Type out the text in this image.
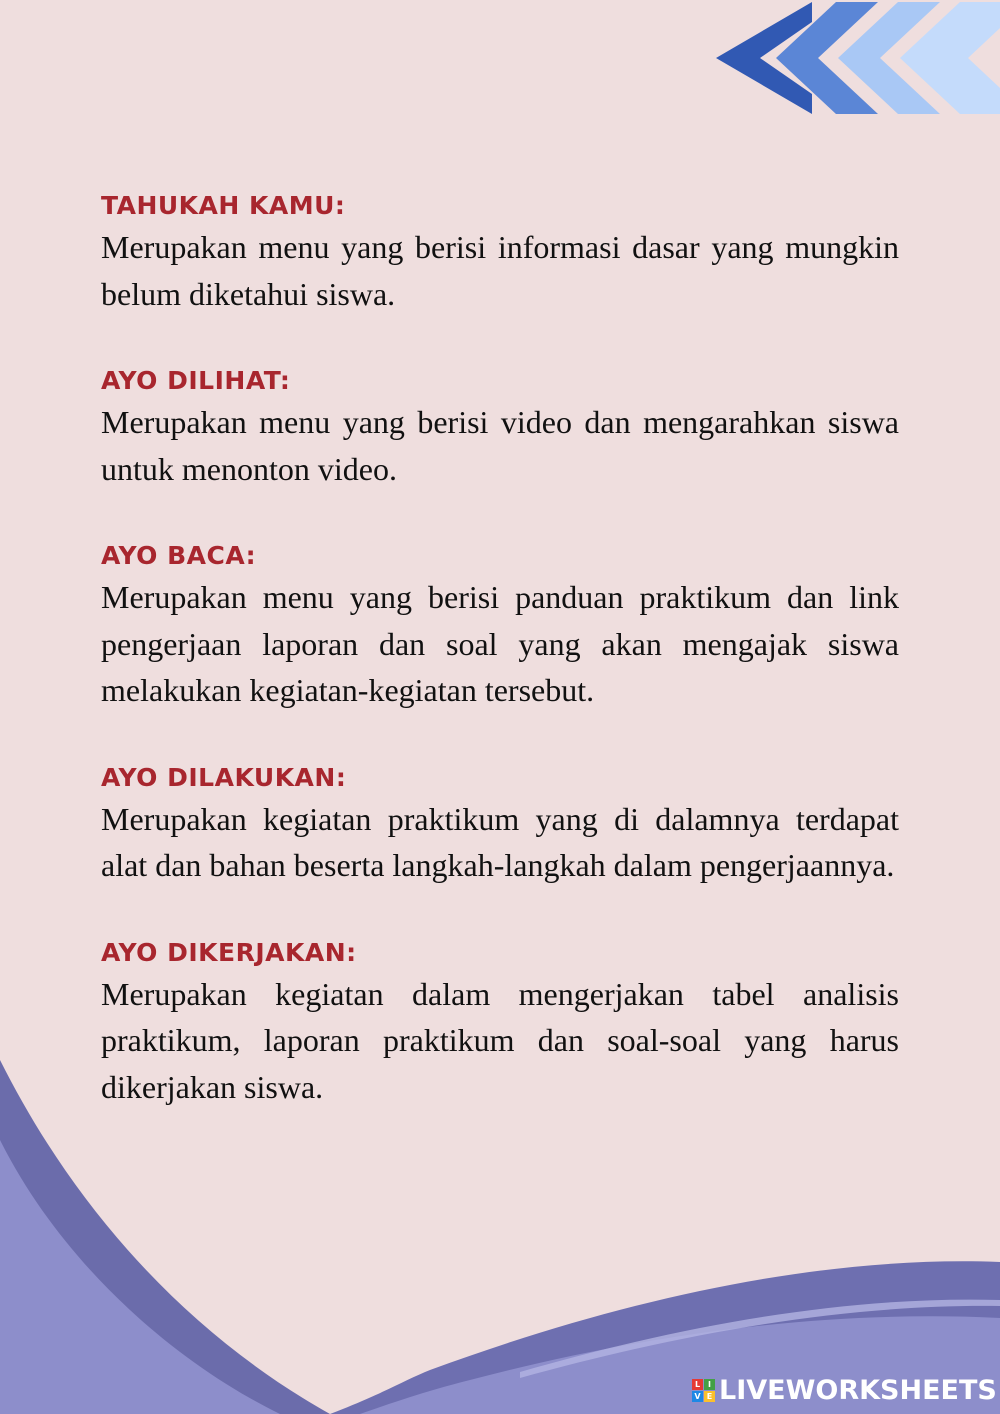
TAHUKAH KAMU:

Merupakan menu yang berisi informasi dasar yang mungkin belum diketahui siswa.

AYO DILIHAT:

Merupakan menu yang berisi video dan mengarahkan siswa untuk menonton video.

AYO BACA:

Merupakan menu yang berisi panduan praktikum dan link pengerjaan laporan dan soal yang akan mengajak siswa melakukan kegiatan-kegiatan tersebut.

AYO DILAKUKAN:

Merupakan kegiatan praktikum yang di dalamnya terdapat alat dan bahan beserta langkah-langkah dalam pengerjaannya.

AYO DIKERJAKAN:

Merupakan kegiatan dalam mengerjakan tabel analisis praktikum, laporan praktikum dan soal-soal yang harus dikerjakan siswa.

L I
V E LIVEWORKSHEETS
